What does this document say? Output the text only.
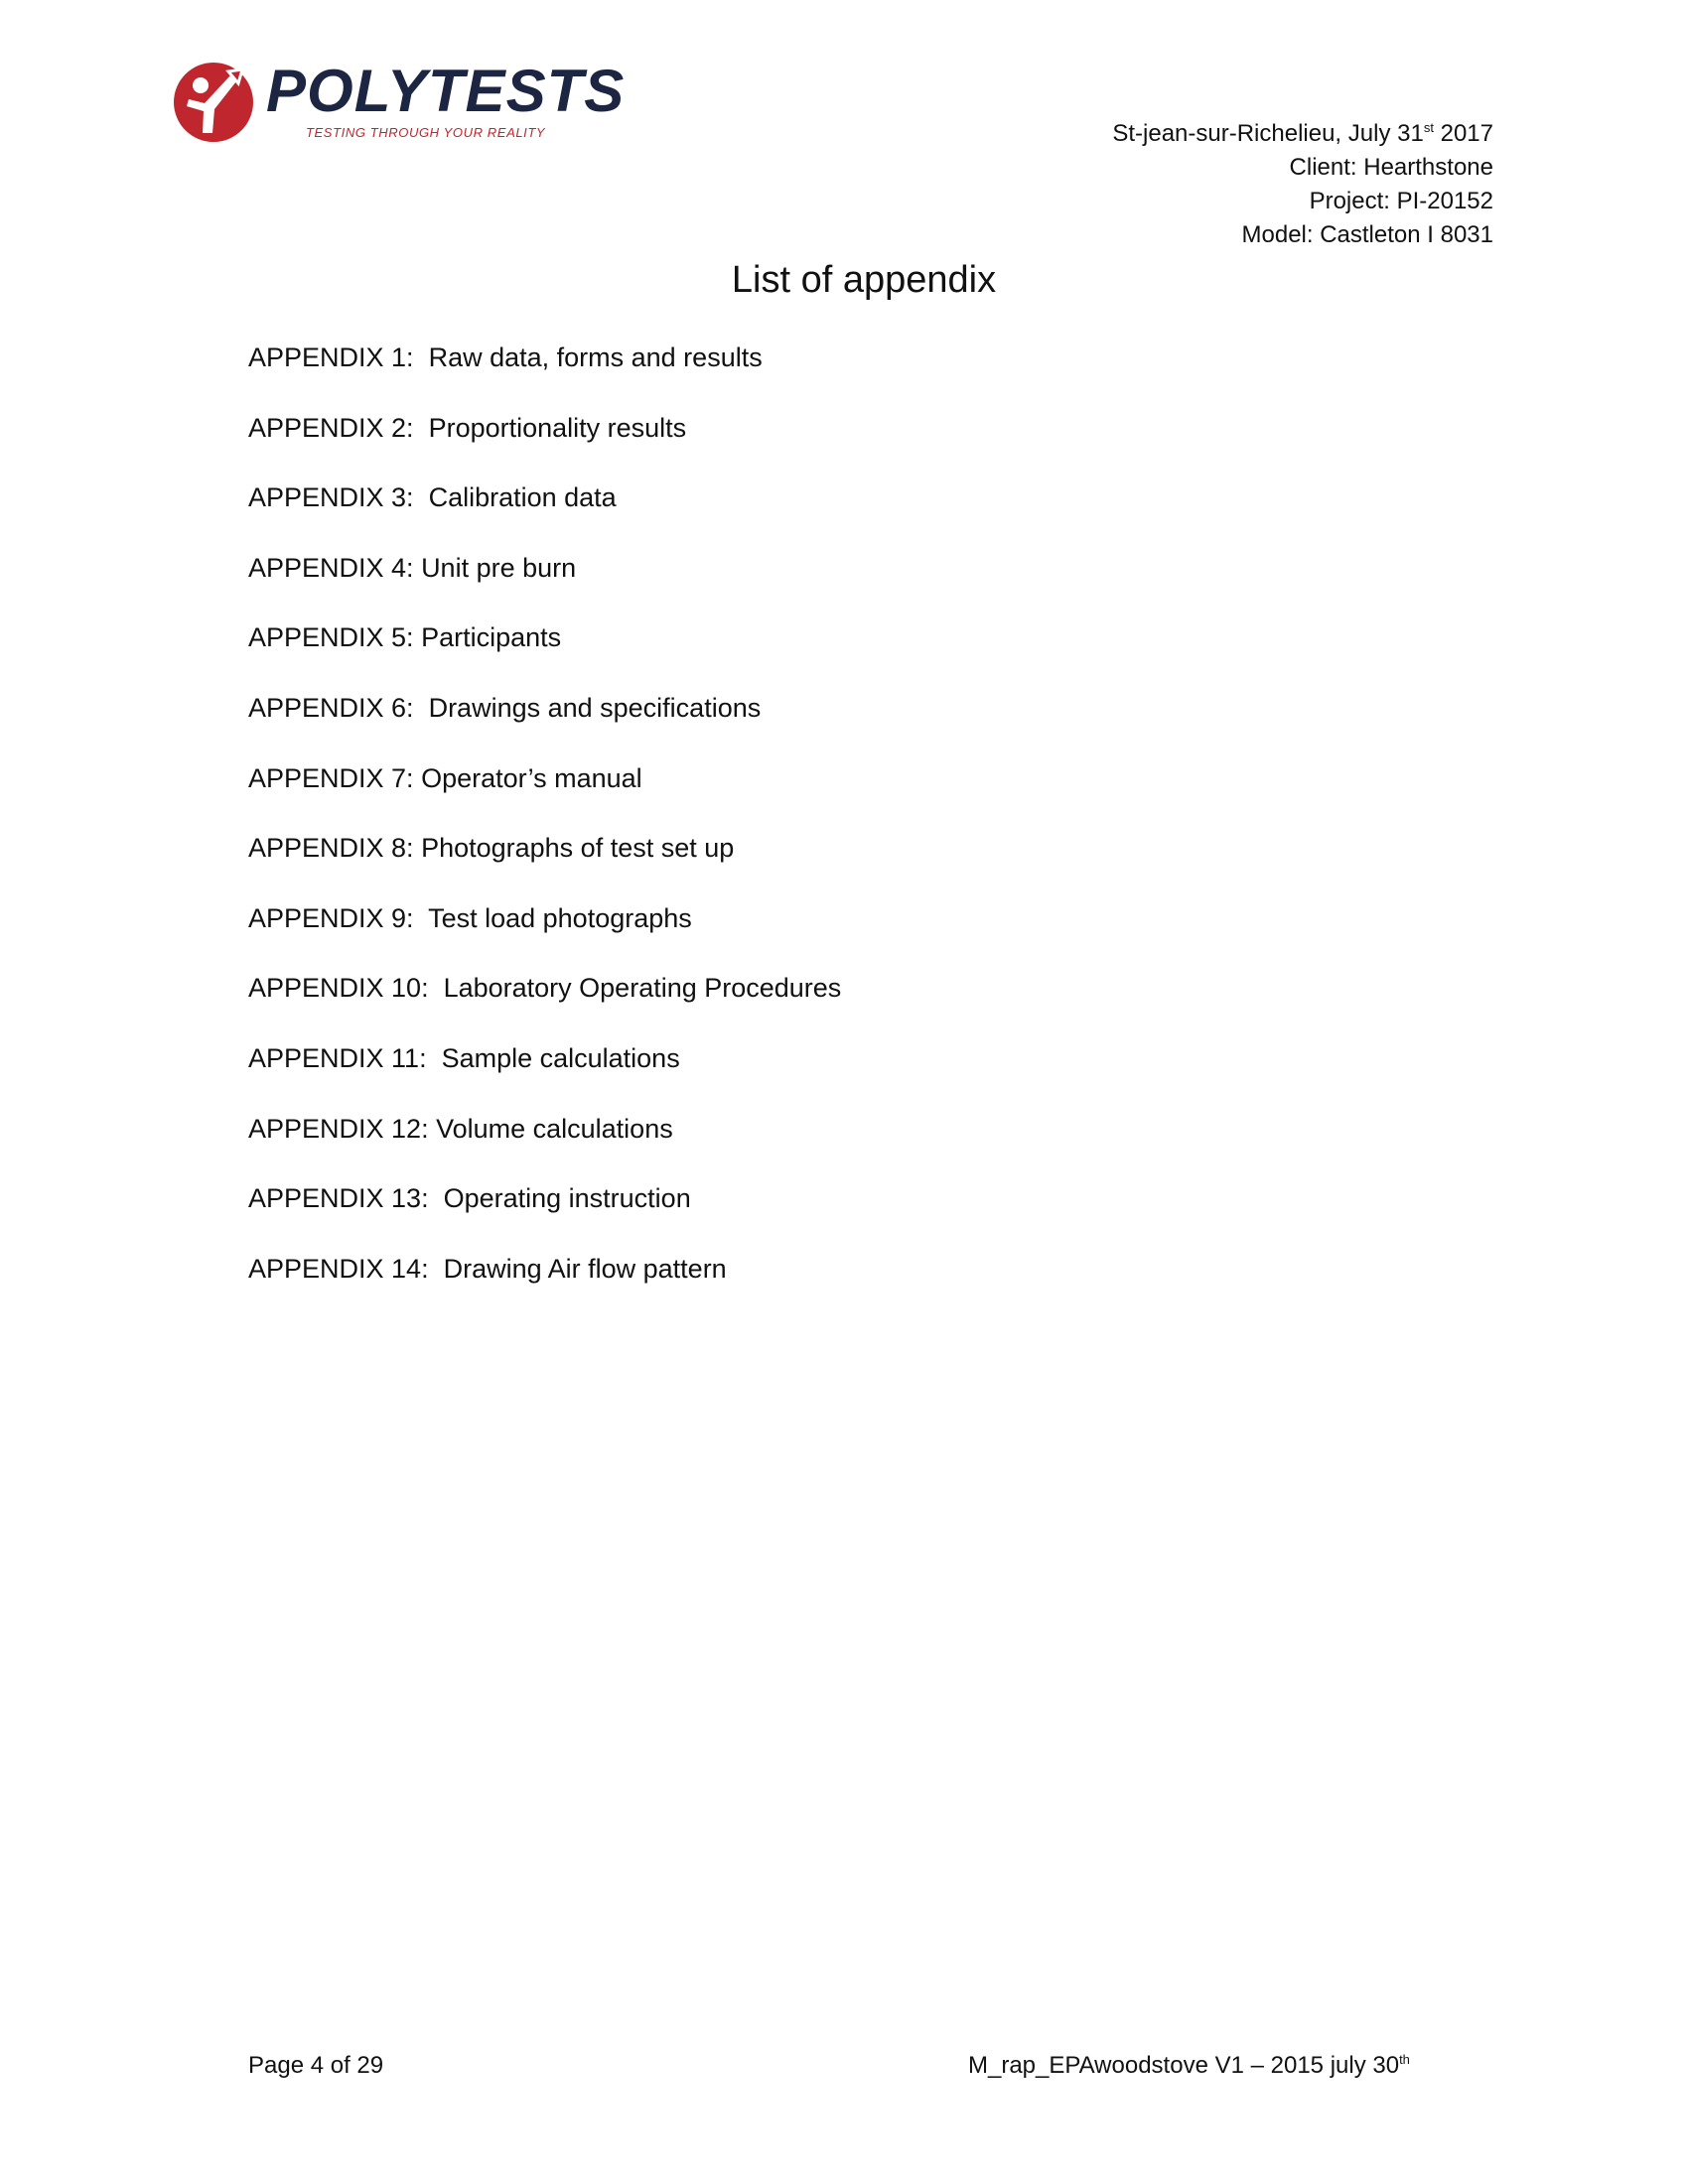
POLYTESTS
TESTING THROUGH YOUR REALITY	St-jean-sur-Richelieu, July 31st 2017
Client: Hearthstone
Project: PI-20152
Model: Castleton I 8031
List of appendix
APPENDIX 1:  Raw data, forms and results
APPENDIX 2:  Proportionality results
APPENDIX 3:  Calibration data
APPENDIX 4: Unit pre burn
APPENDIX 5: Participants
APPENDIX 6:  Drawings and specifications
APPENDIX 7: Operator’s manual
APPENDIX 8: Photographs of test set up
APPENDIX 9:  Test load photographs
APPENDIX 10:  Laboratory Operating Procedures
APPENDIX 11:  Sample calculations
APPENDIX 12: Volume calculations
APPENDIX 13:  Operating instruction
APPENDIX 14:  Drawing Air flow pattern
Page 4 of 29	M_rap_EPAwoodstove V1 – 2015 july 30th
